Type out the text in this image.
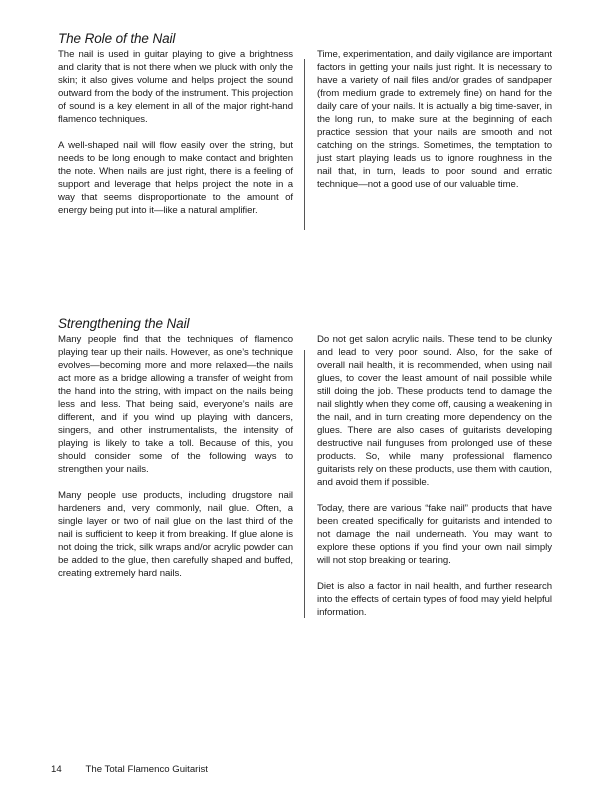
The Role of the Nail

The nail is used in guitar playing to give a brightness and clarity that is not there when we pluck with only the skin; it also gives volume and helps project the sound outward from the body of the instrument. This projection of sound is a key element in all of the major right-hand flamenco techniques.

A well-shaped nail will flow easily over the string, but needs to be long enough to make contact and brighten the note. When nails are just right, there is a feeling of support and leverage that helps project the note in a way that seems disproportionate to the amount of energy being put into it—like a natural amplifier.

Time, experimentation, and daily vigilance are important factors in getting your nails just right. It is necessary to have a variety of nail files and/or grades of sandpaper (from medium grade to extremely fine) on hand for the daily care of your nails. It is actually a big time-saver, in the long run, to make sure at the beginning of each practice session that your nails are smooth and not catching on the strings. Sometimes, the temptation to just start playing leads us to ignore roughness in the nail that, in turn, leads to poor sound and erratic technique—not a good use of our valuable time.

Strengthening the Nail

Many people find that the techniques of flamenco playing tear up their nails. However, as one’s technique evolves—becoming more and more relaxed—the nails act more as a bridge allowing a transfer of weight from the hand into the string, with impact on the nails being less and less. That being said, everyone’s nails are different, and if you wind up playing with dancers, singers, and other instrumentalists, the intensity of playing is likely to take a toll. Because of this, you should consider some of the following ways to strengthen your nails.

Many people use products, including drugstore nail hardeners and, very commonly, nail glue. Often, a single layer or two of nail glue on the last third of the nail is sufficient to keep it from breaking. If glue alone is not doing the trick, silk wraps and/or acrylic powder can be added to the glue, then carefully shaped and buffed, creating extremely hard nails.

Do not get salon acrylic nails. These tend to be clunky and lead to very poor sound. Also, for the sake of overall nail health, it is recommended, when using nail glues, to cover the least amount of nail possible while still doing the job. These products tend to damage the nail slightly when they come off, causing a weakening in the nail, and in turn creating more dependency on the glues. There are also cases of guitarists developing destructive nail funguses from prolonged use of these products. So, while many professional flamenco guitarists rely on these products, use them with caution, and avoid them if possible.

Today, there are various “fake nail” products that have been created specifically for guitarists and intended to not damage the nail underneath. You may want to explore these options if you find your own nail simply will not stop breaking or tearing.

Diet is also a factor in nail health, and further research into the effects of certain types of food may yield helpful information.

14 The Total Flamenco Guitarist
